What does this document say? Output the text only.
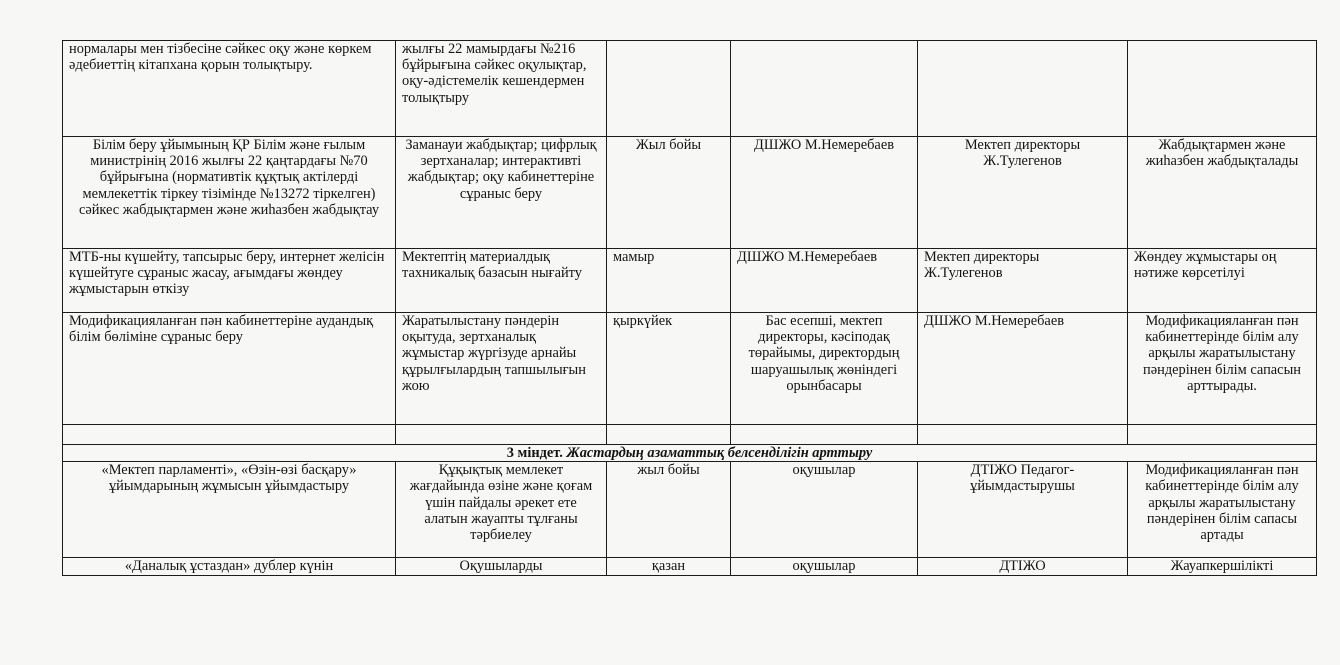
нормалары мен тізбесіне сәйкес оқу және көркем әдебиеттің кітапхана қорын толықтыру.	жылғы 22 мамырдағы №216 бұйрығына сәйкес оқулықтар, оқу-әдістемелік кешендермен толықтыру				
Білім беру ұйымының ҚР Білім және ғылым министрінің 2016 жылғы 22 қаңтардағы №70 бұйрығына (нормативтік құқтық актілерді мемлекеттік тіркеу тізімінде №13272 тіркелген) сәйкес жабдықтармен және жиһазбен жабдықтау	Заманауи жабдықтар; цифрлық зертханалар; интерактивті жабдықтар; оқу кабинеттеріне сұраныс беру	Жыл бойы	ДШЖО М.Немеребаев	Мектеп директоры Ж.Тулегенов	Жабдықтармен және жиһазбен жабдықталады
МТБ-ны күшейту, тапсырыс беру, интернет желісін күшейтуге сұраныс жасау, ағымдағы жөндеу жұмыстарын өткізу	Мектептің материалдық тахникалық базасын нығайту	мамыр	ДШЖО М.Немеребаев	Мектеп директоры Ж.Тулегенов	Жөндеу жұмыстары оң нәтиже көрсетілуі
Модификацияланған пән кабинеттеріне аудандық білім бөліміне сұраныс беру	Жаратылыстану пәндерін оқытуда, зертханалық жұмыстар жүргізуде арнайы құрылғылардың тапшылығын жою	қыркүйек	Бас есепші, мектеп директоры, кәсіподақ төрайымы, директордың шаруашылық жөніндегі орынбасары	ДШЖО М.Немеребаев	Модификацияланған пән кабинеттерінде білім алу арқылы жаратылыстану пәндерінен білім сапасын арттырады.

3 міндет. Жастардың азаматтық белсенділігін арттыру					
«Мектеп парламенті», «Өзін-өзі басқару» ұйымдарының жұмысын ұйымдастыру	Құқықтық мемлекет жағдайында өзіне және қоғам үшін пайдалы әрекет ете алатын жауапты тұлғаны тәрбиелеу	жыл бойы	оқушылар	ДТІЖО Педагог-ұйымдастырушы	Модификацияланған пән кабинеттерінде білім алу арқылы жаратылыстану пәндерінен білім сапасы артады
«Даналық ұстаздан» дублер күнін	Оқушыларды	қазан	оқушылар	ДТІЖО	Жауапкершілікті
